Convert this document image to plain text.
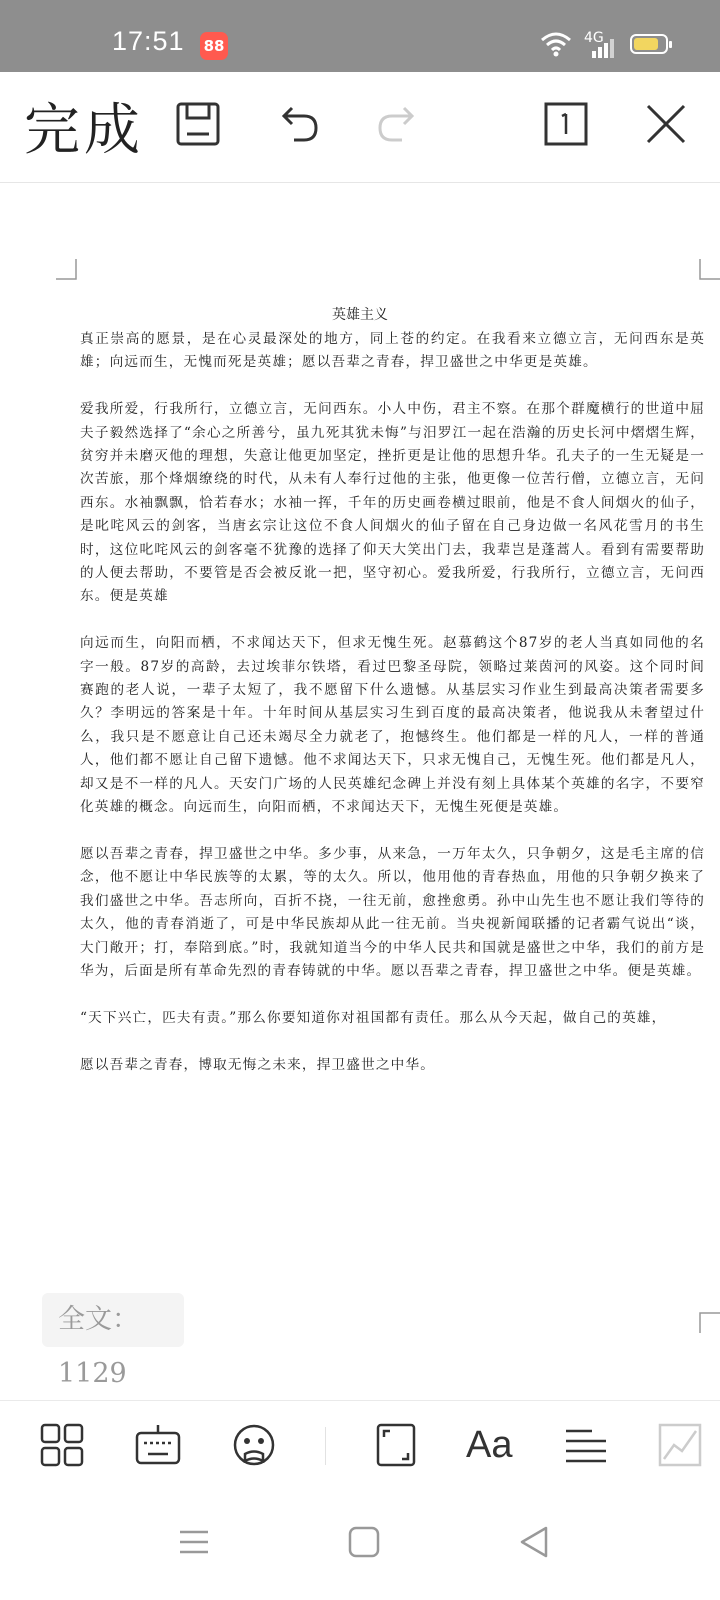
17:51 88	4G
完成
英雄主义

真正崇高的愿景，是在心灵最深处的地方，同上苍的约定。在我看来立德立言，无问西东是英雄；向远而生，无愧而死是英雄；愿以吾辈之青春，捍卫盛世之中华更是英雄。

爱我所爱，行我所行，立德立言，无问西东。小人中伤，君主不察。在那个群魔横行的世道中屈夫子毅然选择了“余心之所善兮，虽九死其犹未悔”与汨罗江一起在浩瀚的历史长河中熠熠生辉，贫穷并未磨灭他的理想，失意让他更加坚定，挫折更是让他的思想升华。孔夫子的一生无疑是一次苦旅，那个烽烟缭绕的时代，从未有人奉行过他的主张，他更像一位苦行僧，立德立言，无问西东。水袖飘飘，恰若春水；水袖一挥，千年的历史画卷横过眼前，他是不食人间烟火的仙子，是叱咤风云的剑客，当唐玄宗让这位不食人间烟火的仙子留在自己身边做一名风花雪月的书生时，这位叱咤风云的剑客毫不犹豫的选择了仰天大笑出门去，我辈岂是蓬蒿人。看到有需要帮助的人便去帮助，不要管是否会被反讹一把，坚守初心。爱我所爱，行我所行，立德立言，无问西东。便是英雄

向远而生，向阳而栖，不求闻达天下，但求无愧生死。赵慕鹤这个87岁的老人当真如同他的名字一般。87岁的高龄，去过埃菲尔铁塔，看过巴黎圣母院，领略过莱茵河的风姿。这个同时间赛跑的老人说，一辈子太短了，我不愿留下什么遗憾。从基层实习作业生到最高决策者需要多久？李明远的答案是十年。十年时间从基层实习生到百度的最高决策者，他说我从未奢望过什么，我只是不愿意让自己还未竭尽全力就老了，抱憾终生。他们都是一样的凡人，一样的普通人，他们都不愿让自己留下遗憾。他不求闻达天下，只求无愧自己，无愧生死。他们都是凡人，却又是不一样的凡人。天安门广场的人民英雄纪念碑上并没有刻上具体某个英雄的名字，不要窄化英雄的概念。向远而生，向阳而栖，不求闻达天下，无愧生死便是英雄。

愿以吾辈之青春，捍卫盛世之中华。多少事，从来急，一万年太久，只争朝夕，这是毛主席的信念，他不愿让中华民族等的太累，等的太久。所以，他用他的青春热血，用他的只争朝夕换来了我们盛世之中华。吾志所向，百折不挠，一往无前，愈挫愈勇。孙中山先生也不愿让我们等待的太久，他的青春消逝了，可是中华民族却从此一往无前。当央视新闻联播的记者霸气说出“谈，大门敞开；打，奉陪到底。”时，我就知道当今的中华人民共和国就是盛世之中华，我们的前方是华为，后面是所有革命先烈的青春铸就的中华。愿以吾辈之青春，捍卫盛世之中华。便是英雄。

“天下兴亡，匹夫有责。”那么你要知道你对祖国都有责任。那么从今天起，做自己的英雄，

愿以吾辈之青春，博取无悔之未来，捍卫盛世之中华。

全文：1129
Aa
